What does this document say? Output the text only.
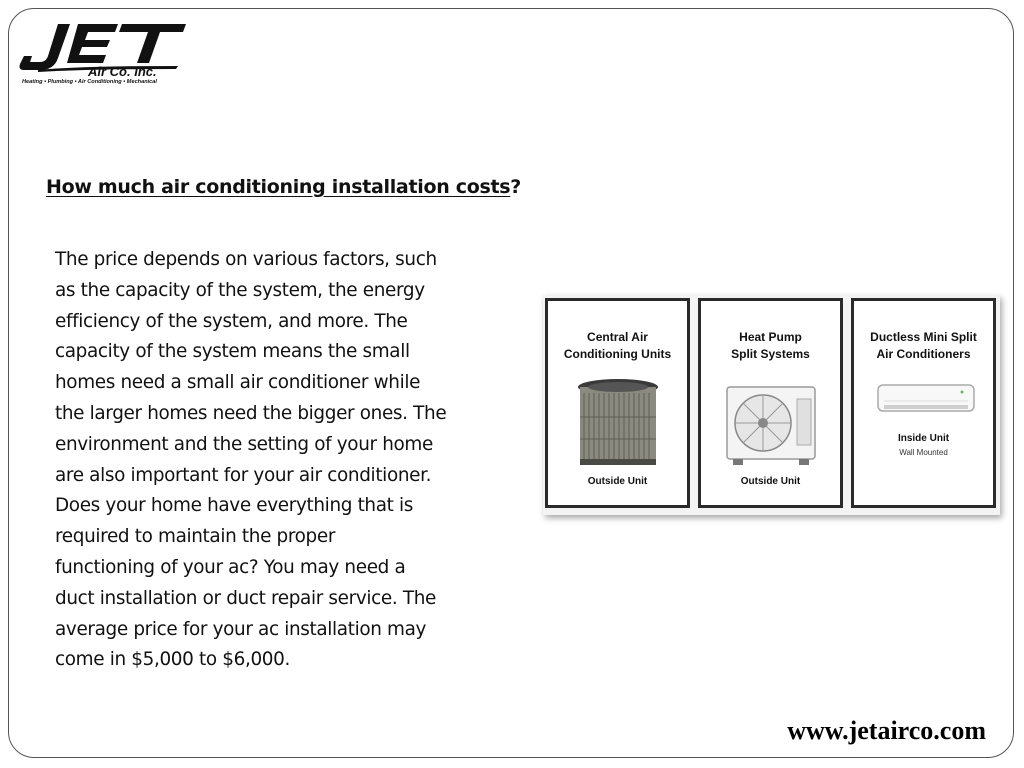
Air Co. Inc.
Heating • Plumbing • Air Conditioning • Mechanical
How much air conditioning installation costs?

The price depends on various factors, such
as the capacity of the system, the energy
efficiency of the system, and more. The
capacity of the system means the small
homes need a small air conditioner while
the larger homes need the bigger ones. The
environment and the setting of your home
are also important for your air conditioner.
Does your home have everything that is
required to maintain the proper
functioning of your ac? You may need a
duct installation or duct repair service. The
average price for your ac installation may
come in $5,000 to $6,000.

Central Air
Conditioning Units
Outside Unit
Heat Pump
Split Systems
Outside Unit
Ductless Mini Split
Air Conditioners
Inside Unit
Wall Mounted
www.jetairco.com
